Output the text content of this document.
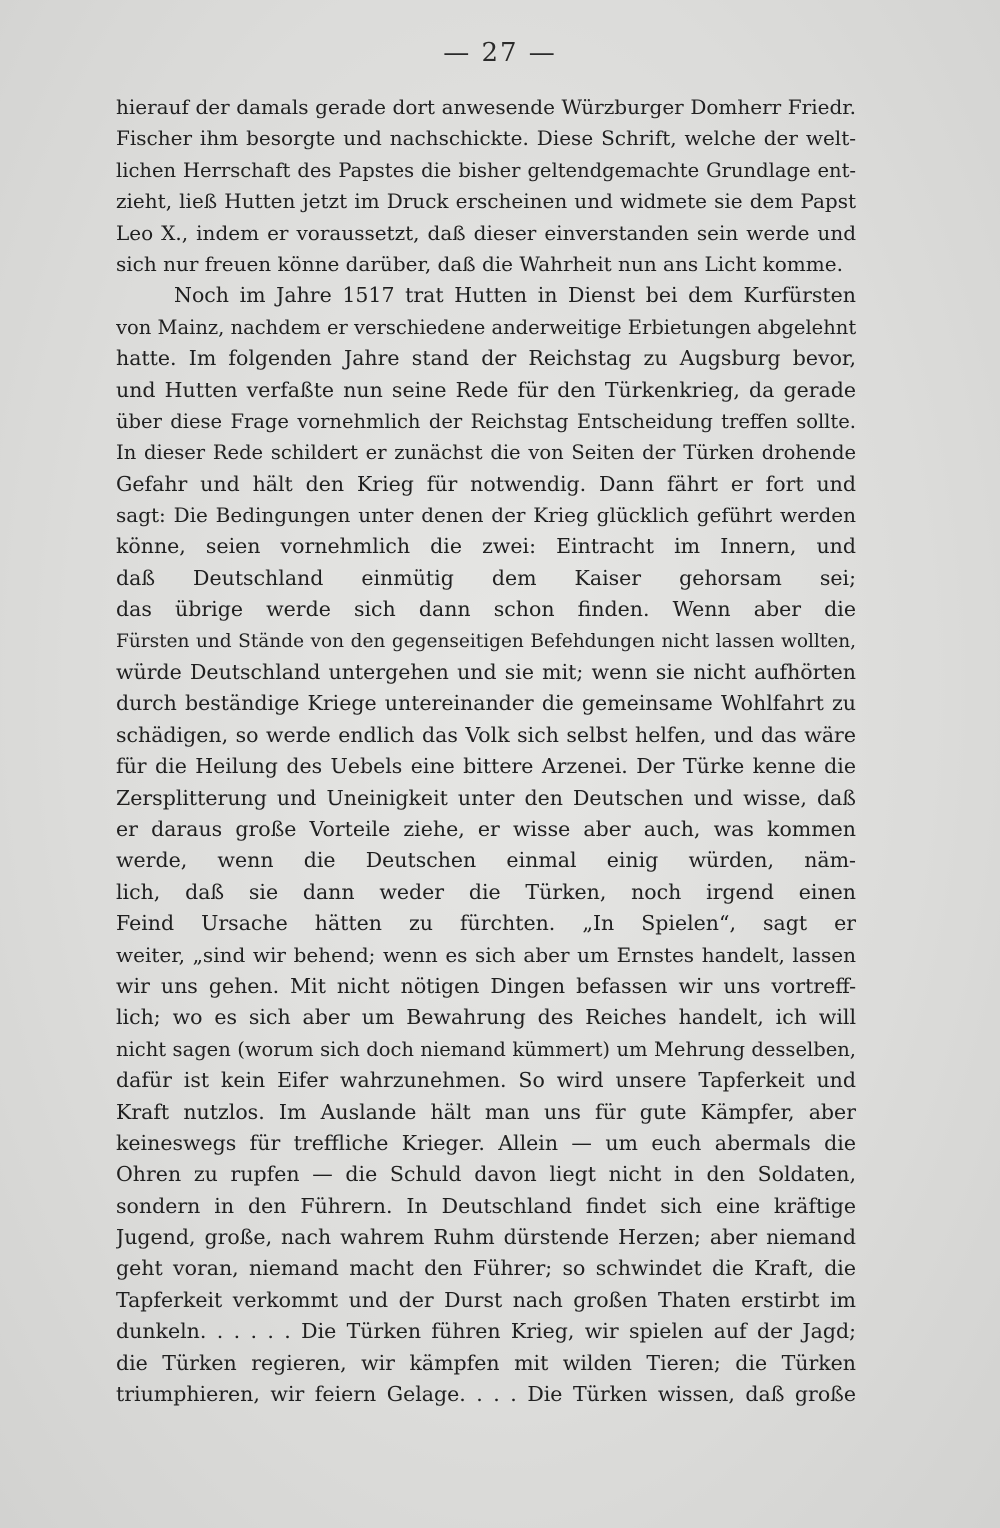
— 27 —
hierauf der damals gerade dort anwesende Würzburger Domherr Friedr.
Fischer ihm besorgte und nachschickte. Diese Schrift, welche der welt-
lichen Herrschaft des Papstes die bisher geltendgemachte Grundlage ent-
zieht, ließ Hutten jetzt im Druck erscheinen und widmete sie dem Papst
Leo X., indem er voraussetzt, daß dieser einverstanden sein werde und
sich nur freuen könne darüber, daß die Wahrheit nun ans Licht komme.
Noch im Jahre 1517 trat Hutten in Dienst bei dem Kurfürsten
von Mainz, nachdem er verschiedene anderweitige Erbietungen abgelehnt
hatte. Im folgenden Jahre stand der Reichstag zu Augsburg bevor,
und Hutten verfaßte nun seine Rede für den Türkenkrieg, da gerade
über diese Frage vornehmlich der Reichstag Entscheidung treffen sollte.
In dieser Rede schildert er zunächst die von Seiten der Türken drohende
Gefahr und hält den Krieg für notwendig. Dann fährt er fort und
sagt: Die Bedingungen unter denen der Krieg glücklich geführt werden
könne, seien vornehmlich die zwei: Eintracht im Innern, und
daß Deutschland einmütig dem Kaiser gehorsam sei;
das übrige werde sich dann schon finden. Wenn aber die
Fürsten und Stände von den gegenseitigen Befehdungen nicht lassen wollten,
würde Deutschland untergehen und sie mit; wenn sie nicht aufhörten
durch beständige Kriege untereinander die gemeinsame Wohlfahrt zu
schädigen, so werde endlich das Volk sich selbst helfen, und das wäre
für die Heilung des Uebels eine bittere Arzenei. Der Türke kenne die
Zersplitterung und Uneinigkeit unter den Deutschen und wisse, daß
er daraus große Vorteile ziehe, er wisse aber auch, was kommen
werde, wenn die Deutschen einmal einig würden, näm-
lich, daß sie dann weder die Türken, noch irgend einen
Feind Ursache hätten zu fürchten. „In Spielen“, sagt er
weiter, „sind wir behend; wenn es sich aber um Ernstes handelt, lassen
wir uns gehen. Mit nicht nötigen Dingen befassen wir uns vortreff-
lich; wo es sich aber um Bewahrung des Reiches handelt, ich will
nicht sagen (worum sich doch niemand kümmert) um Mehrung desselben,
dafür ist kein Eifer wahrzunehmen. So wird unsere Tapferkeit und
Kraft nutzlos. Im Auslande hält man uns für gute Kämpfer, aber
keineswegs für treffliche Krieger. Allein — um euch abermals die
Ohren zu rupfen — die Schuld davon liegt nicht in den Soldaten,
sondern in den Führern. In Deutschland findet sich eine kräftige
Jugend, große, nach wahrem Ruhm dürstende Herzen; aber niemand
geht voran, niemand macht den Führer; so schwindet die Kraft, die
Tapferkeit verkommt und der Durst nach großen Thaten erstirbt im
dunkeln. . . . . . Die Türken führen Krieg, wir spielen auf der Jagd;
die Türken regieren, wir kämpfen mit wilden Tieren; die Türken
triumphieren, wir feiern Gelage. . . . Die Türken wissen, daß große
